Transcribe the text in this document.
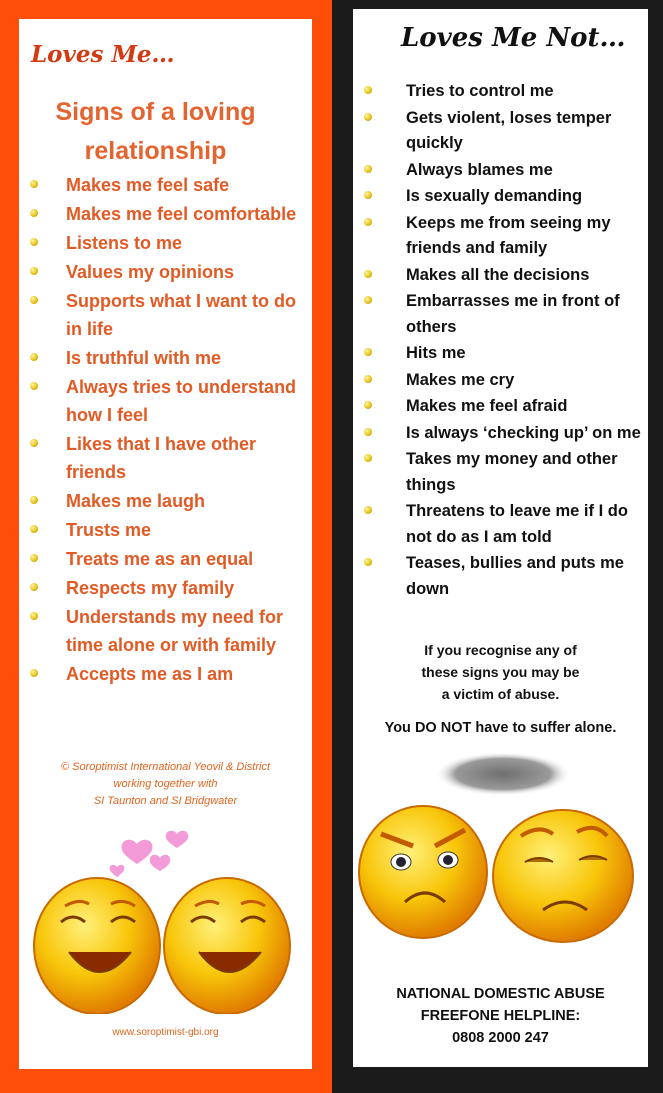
Loves Me…
Signs of a loving
relationship
Makes me feel safe
Makes me feel comfortable
Listens to me
Values my opinions
Supports what I want to do in life
Is truthful with me
Always tries to understand how I feel
Likes that I have other friends
Makes me laugh
Trusts me
Treats me as an equal
Respects my family
Understands my need for time alone or with family
Accepts me as I am
© Soroptimist International Yeovil & District
working together with
SI Taunton and SI Bridgwater
www.soroptimist-gbi.org
Loves Me Not…
Tries to control me
Gets violent, loses temper quickly
Always blames me
Is sexually demanding
Keeps me from seeing my friends and family
Makes all the decisions
Embarrasses me in front of others
Hits me
Makes me cry
Makes me feel afraid
Is always ‘checking up’ on me
Takes my money and other things
Threatens to leave me if I do not do as I am told
Teases, bullies and puts me down
If you recognise any of
these signs you may be
a victim of abuse.
You DO NOT have to suffer alone.
NATIONAL DOMESTIC ABUSE
FREEFONE HELPLINE:
0808 2000 247
